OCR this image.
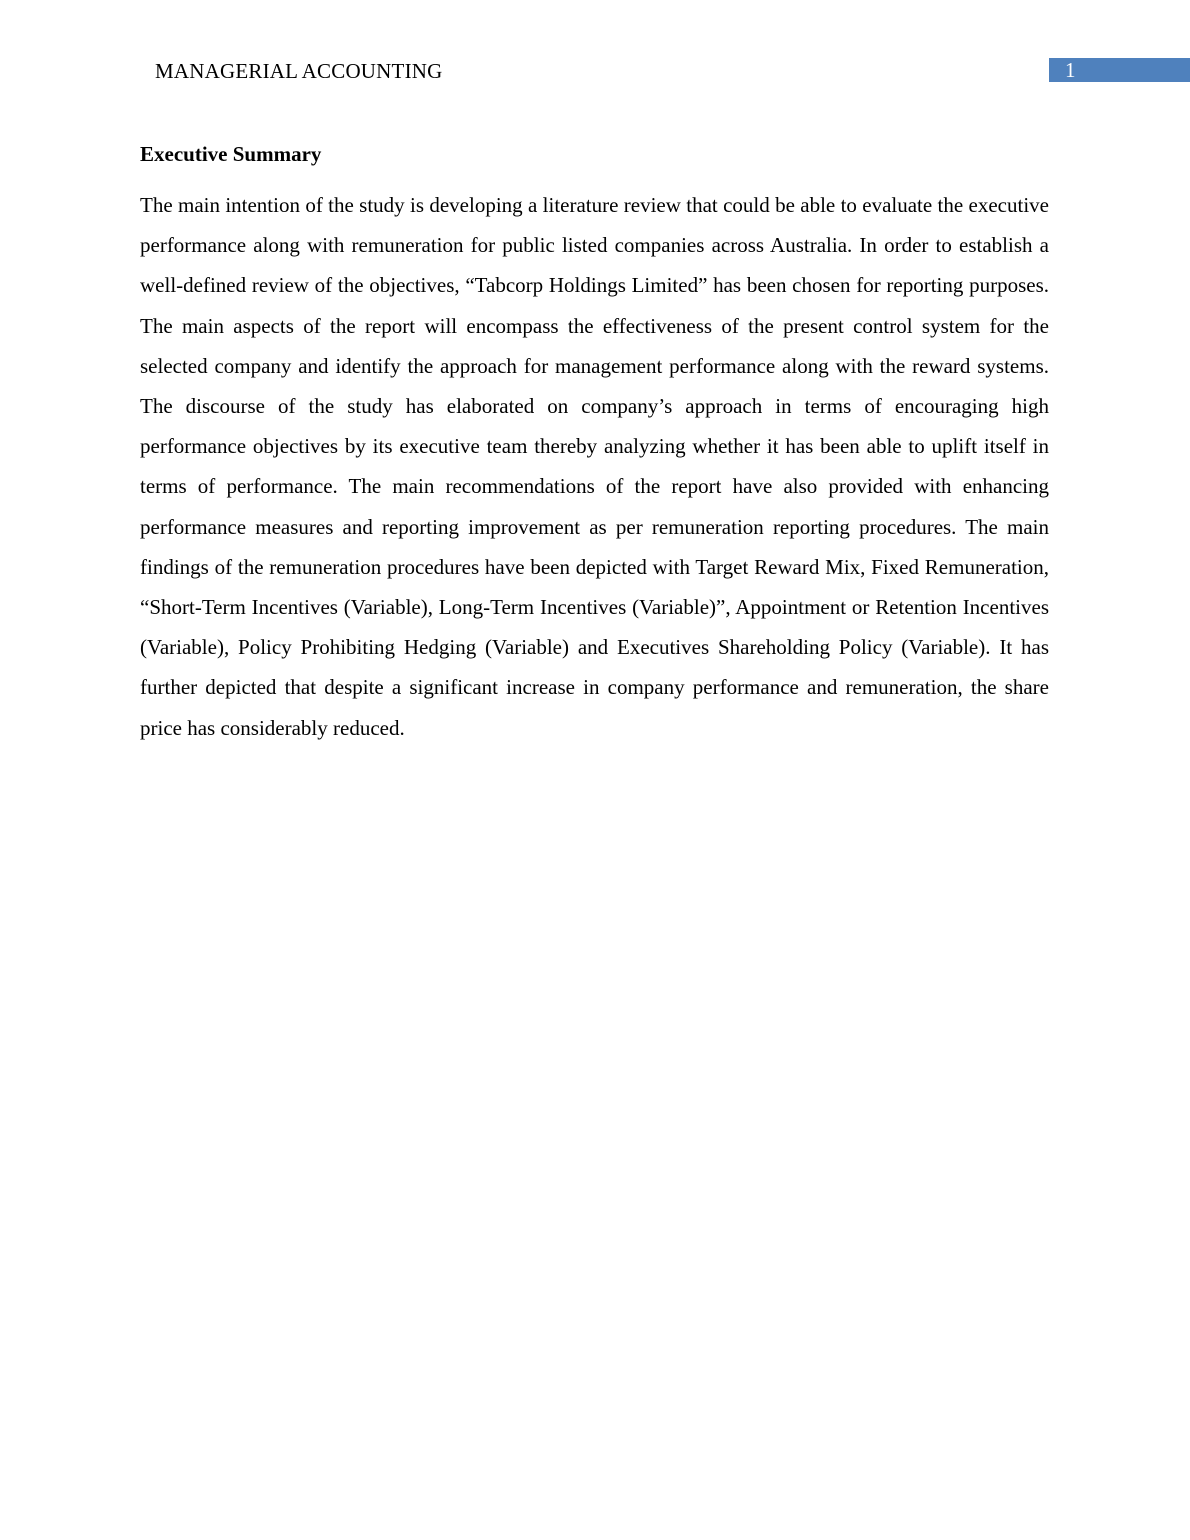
MANAGERIAL ACCOUNTING	1
Executive Summary

The main intention of the study is developing a literature review that could be able to evaluate the executive performance along with remuneration for public listed companies across Australia. In order to establish a well-defined review of the objectives, “Tabcorp Holdings Limited” has been chosen for reporting purposes. The main aspects of the report will encompass the effectiveness of the present control system for the selected company and identify the approach for management performance along with the reward systems. The discourse of the study has elaborated on company’s approach in terms of encouraging high performance objectives by its executive team thereby analyzing whether it has been able to uplift itself in terms of performance. The main recommendations of the report have also provided with enhancing performance measures and reporting improvement as per remuneration reporting procedures. The main findings of the remuneration procedures have been depicted with Target Reward Mix, Fixed Remuneration, “Short-Term Incentives (Variable), Long-Term Incentives (Variable)”, Appointment or Retention Incentives (Variable), Policy Prohibiting Hedging (Variable) and Executives Shareholding Policy (Variable). It has further depicted that despite a significant increase in company performance and remuneration, the share price has considerably reduced.
